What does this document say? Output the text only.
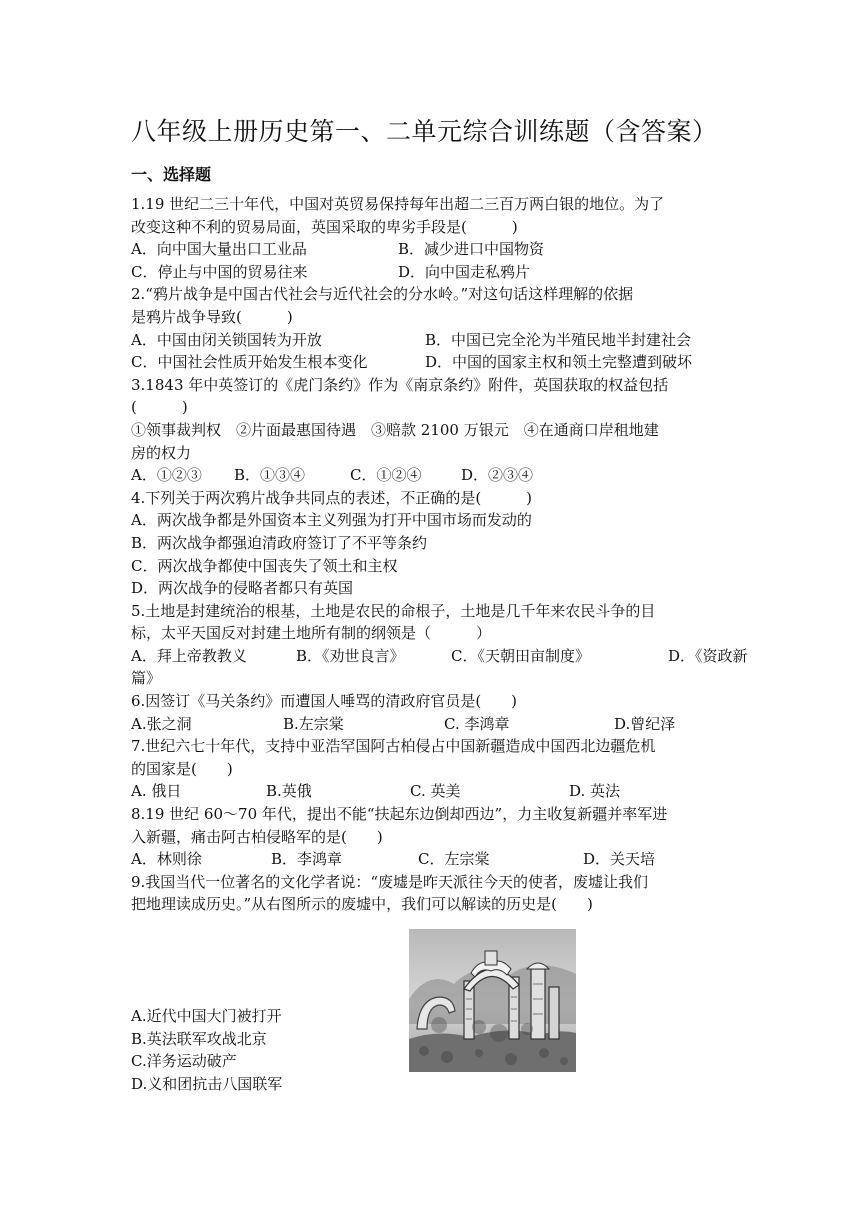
八年级上册历史第一、二单元综合训练题（含答案）
一、选择题
1.19 世纪二三十年代，中国对英贸易保持每年出超二三百万两白银的地位。为了
改变这种不利的贸易局面，英国采取的卑劣手段是(　　　)
A．向中国大量出口工业品	B．减少进口中国物资
C．停止与中国的贸易往来	D．向中国走私鸦片
2.“鸦片战争是中国古代社会与近代社会的分水岭。”对这句话这样理解的依据
是鸦片战争导致(　　　)
A．中国由闭关锁国转为开放	B．中国已完全沦为半殖民地半封建社会
C．中国社会性质开始发生根本变化	D．中国的国家主权和领土完整遭到破坏
3.1843 年中英签订的《虎门条约》作为《南京条约》附件，英国获取的权益包括
(　　　)
①领事裁判权　②片面最惠国待遇　③赔款 2100 万银元　④在通商口岸租地建
房的权力
A．①②③ B．①③④	C．①②④	D．②③④
4.下列关于两次鸦片战争共同点的表述，不正确的是(　　　)
A．两次战争都是外国资本主义列强为打开中国市场而发动的
B．两次战争都强迫清政府签订了不平等条约
C．两次战争都使中国丧失了领土和主权
D．两次战争的侵略者都只有英国
5.土地是封建统治的根基，土地是农民的命根子，土地是几千年来农民斗争的目
标，太平天国反对封建土地所有制的纲领是（　　　）
A．拜上帝教教义	B．《劝世良言》	C．《天朝田亩制度》	D．《资政新
篇》
6.因签订《马关条约》而遭国人唾骂的清政府官员是(　　)
A.张之洞	B.左宗棠	C. 李鸿章	D.曾纪泽
7.世纪六七十年代，支持中亚浩罕国阿古柏侵占中国新疆造成中国西北边疆危机
的国家是(　　)
A. 俄日	B.英俄	C. 英美	D. 英法
8.19 世纪 60～70 年代，提出不能“扶起东边倒却西边”，力主收复新疆并率军进
入新疆，痛击阿古柏侵略军的是(　　)
A．林则徐	B．李鸿章	C．左宗棠	D．关天培
9.我国当代一位著名的文化学者说：“废墟是昨天派往今天的使者，废墟让我们
把地理读成历史。”从右图所示的废墟中，我们可以解读的历史是(　　)
A.近代中国大门被打开
B.英法联军攻战北京
C.洋务运动破产
D.义和团抗击八国联军
